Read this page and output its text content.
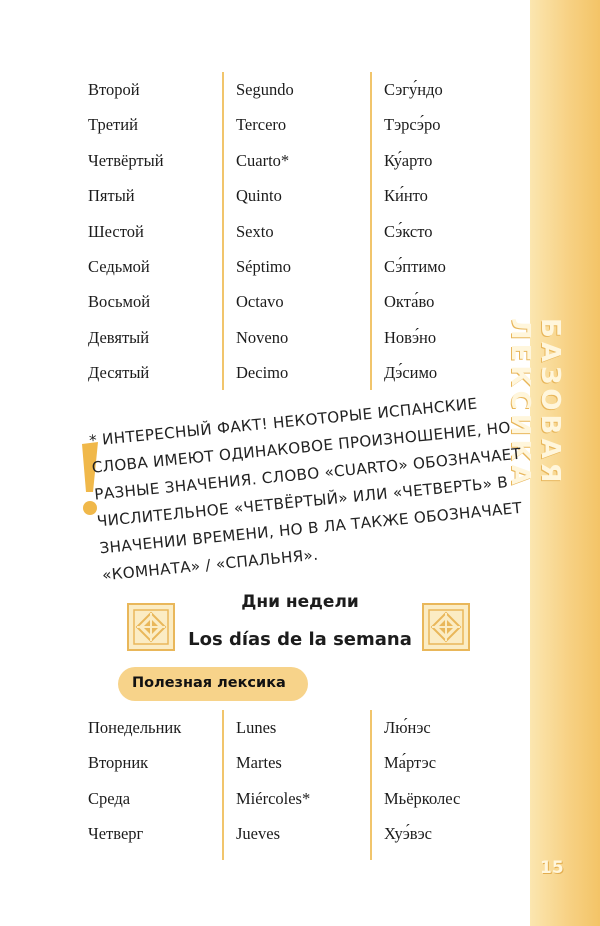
БАЗОВАЯ ЛЕКСИКА
15
Второй	Segundo	Сэгу́ндо
Третий	Tercero	Тэрсэ́ро
Четвёртый	Cuarto*	Ку́арто
Пятый	Quinto	Ки́нто
Шестой	Sexto	Сэ́ксто
Седьмой	Séptimo	Сэ́птимо
Восьмой	Octavo	Окта́во
Девятый	Noveno	Новэ́но
Десятый	Decimo	Дэ́симо
* ИНТЕРЕСНЫЙ ФАКТ! НЕКОТОРЫЕ ИСПАНСКИЕ СЛОВА ИМЕЮТ ОДИНАКОВОЕ ПРОИЗНОШЕНИЕ, НО РАЗНЫЕ ЗНАЧЕНИЯ. СЛОВО «CUARTO» ОБОЗНАЧАЕТ ЧИСЛИТЕЛЬНОЕ «ЧЕТВЁРТЫЙ» ИЛИ «ЧЕТВЕРТЬ» В ЗНАЧЕНИИ ВРЕМЕНИ, НО В ЛА ТАКЖЕ ОБОЗНАЧАЕТ «КОМНАТА» / «СПАЛЬНЯ».
Дни недели
Los días de la semana
Полезная лексика
Понедельник	Lunes	Лю́нэс
Вторник	Martes	Ма́ртэс
Среда	Miércoles*	Мьёрколес
Четверг	Jueves	Хуэ́вэс
